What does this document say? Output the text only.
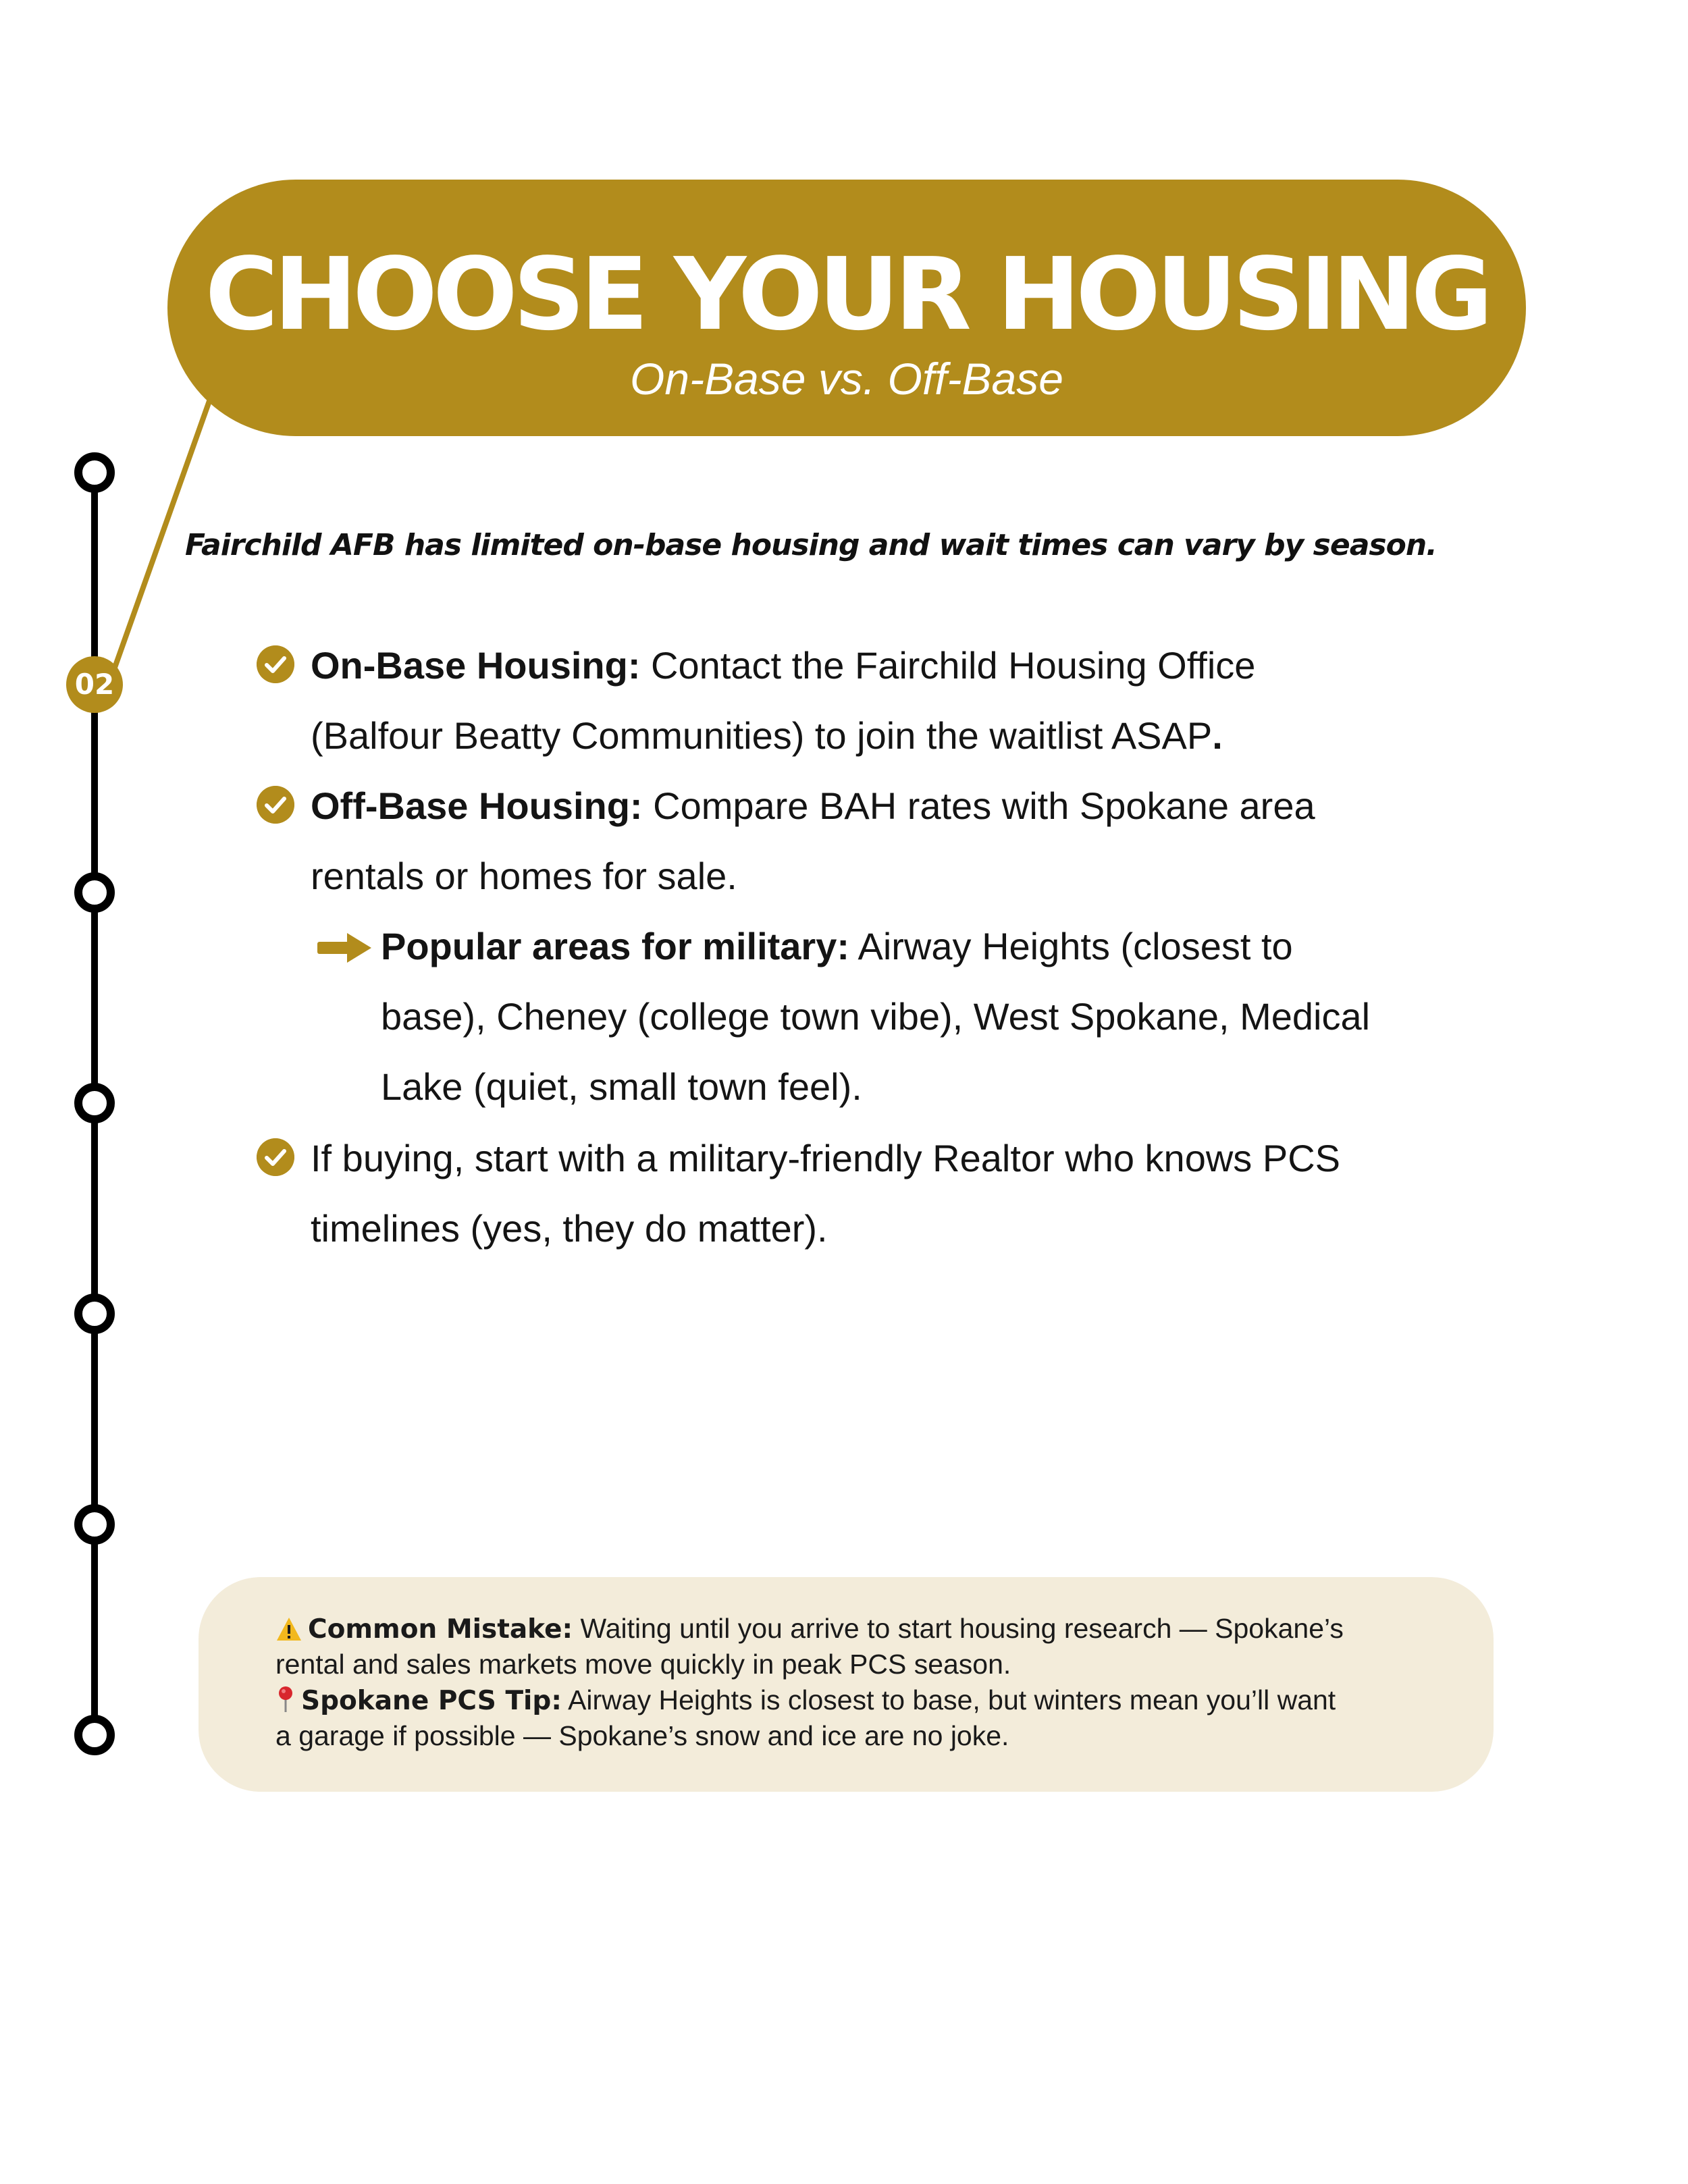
02
CHOOSE YOUR HOUSING
On-Base vs. Off-Base
Fairchild AFB has limited on-base housing and wait times can vary by season.
On-Base Housing: Contact the Fairchild Housing Office
(Balfour Beatty Communities) to join the waitlist ASAP.
Off-Base Housing: Compare BAH rates with Spokane area
rentals or homes for sale.
Popular areas for military: Airway Heights (closest to
base), Cheney (college town vibe), West Spokane, Medical
Lake (quiet, small town feel).
If buying, start with a military-friendly Realtor who knows PCS
timelines (yes, they do matter).
Common Mistake: Waiting until you arrive to start housing research — Spokane’s
rental and sales markets move quickly in peak PCS season.
Spokane PCS Tip: Airway Heights is closest to base, but winters mean you’ll want
a garage if possible — Spokane’s snow and ice are no joke.
